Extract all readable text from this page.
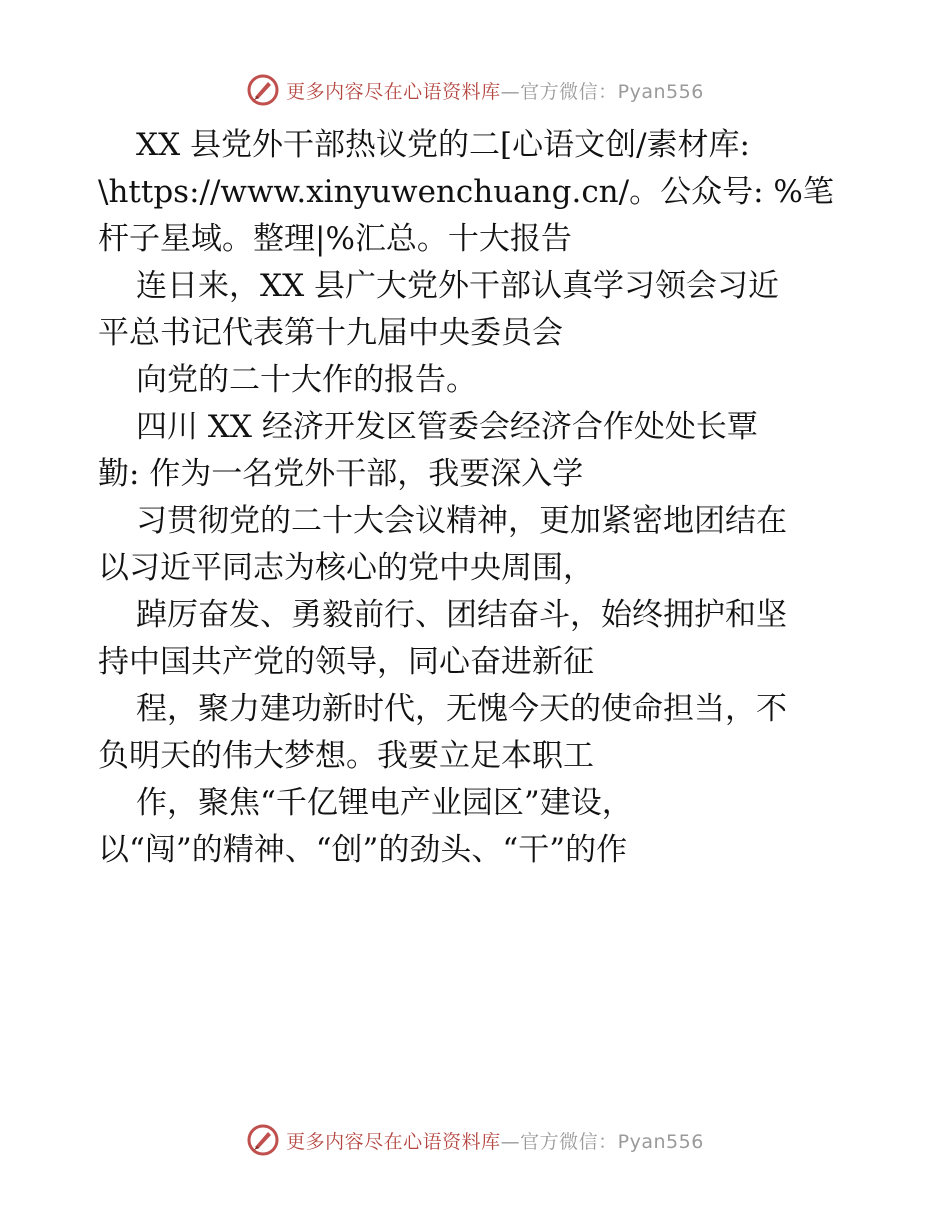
更多内容尽在心语资料库—官方微信：Pyan556
XX 县党外干部热议党的二[心语文创/素材库:
\https://www.xinyuwenchuang.cn/。公众号: %笔
杆子星域。整理|%汇总。十大报告
连日来，XX 县广大党外干部认真学习领会习近
平总书记代表第十九届中央委员会
向党的二十大作的报告。
四川 XX 经济开发区管委会经济合作处处长覃
勤: 作为一名党外干部，我要深入学
习贯彻党的二十大会议精神，更加紧密地团结在
以习近平同志为核心的党中央周围，
踔厉奋发、勇毅前行、团结奋斗，始终拥护和坚
持中国共产党的领导，同心奋进新征
程，聚力建功新时代，无愧今天的使命担当，不
负明天的伟大梦想。我要立足本职工
作，聚焦“千亿锂电产业园区”建设，
以“闯”的精神、“创”的劲头、“干”的作
更多内容尽在心语资料库—官方微信：Pyan556
